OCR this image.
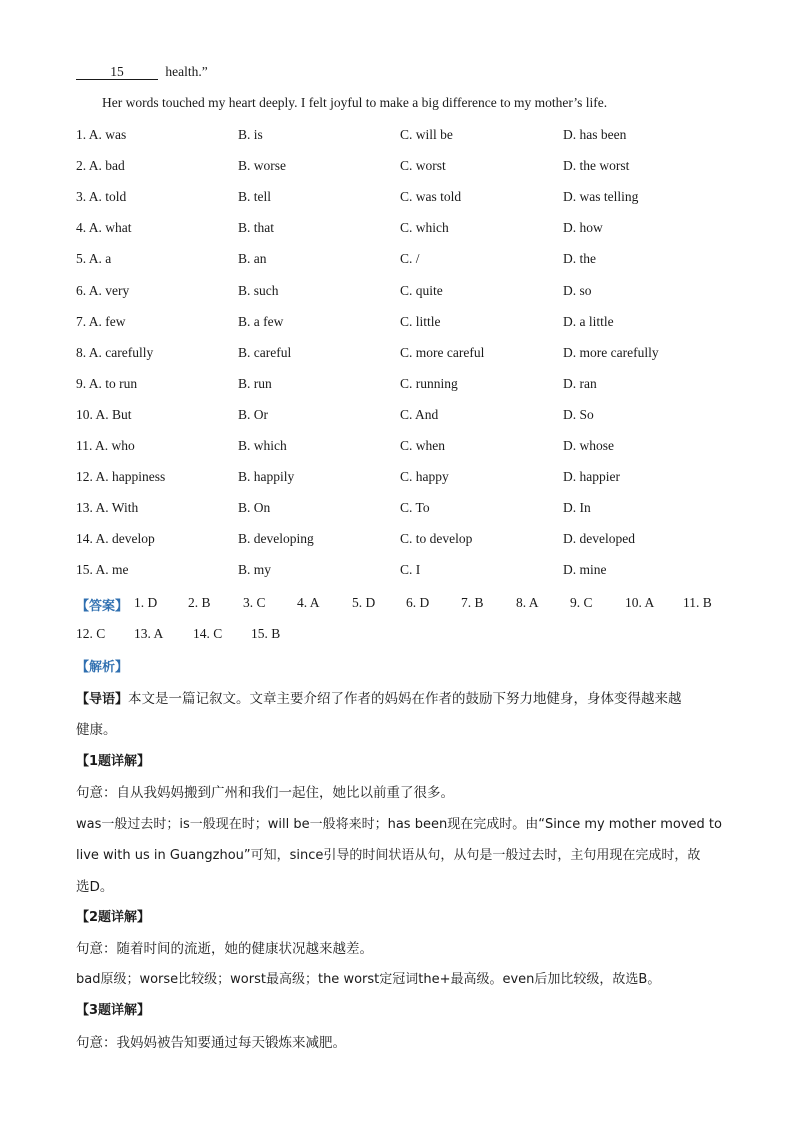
15	health.”
Her words touched my heart deeply. I felt joyful to make a big difference to my mother’s life.
1. A. was	B. is	C. will be	D. has been
2. A. bad	B. worse	C. worst	D. the worst
3. A. told	B. tell	C. was told	D. was telling
4. A. what	B. that	C. which	D. how
5. A. a	B. an	C. /	D. the
6. A. very	B. such	C. quite	D. so
7. A. few	B. a few	C. little	D. a little
8. A. carefully	B. careful	C. more careful	D. more carefully
9. A. to run	B. run	C. running	D. ran
10. A. But	B. Or	C. And	D. So
11. A. who	B. which	C. when	D. whose
12. A. happiness	B. happily	C. happy	D. happier
13. A. With	B. On	C. To	D. In
14. A. develop	B. developing	C. to develop	D. developed
15. A. me	B. my	C. I	D. mine
【答案】 1. D 2. B 3. C 4. A 5. D 6. D 7. B 8. A 9. C 10. A 11. B
12. C 13. A 14. C 15. B
【解析】
【导语】本文是一篇记叙文。文章主要介绍了作者的妈妈在作者的鼓励下努力地健身，身体变得越来越
健康。
【1题详解】
句意：自从我妈妈搬到广州和我们一起住，她比以前重了很多。
was一般过去时；is一般现在时；will be一般将来时；has been现在完成时。由“Since my mother moved to
live with us in Guangzhou”可知，since引导的时间状语从句，从句是一般过去时，主句用现在完成时，故
选D。
【2题详解】
句意：随着时间的流逝，她的健康状况越来越差。
bad原级；worse比较级；worst最高级；the worst定冠词the+最高级。even后加比较级，故选B。
【3题详解】
句意：我妈妈被告知要通过每天锻炼来减肥。
